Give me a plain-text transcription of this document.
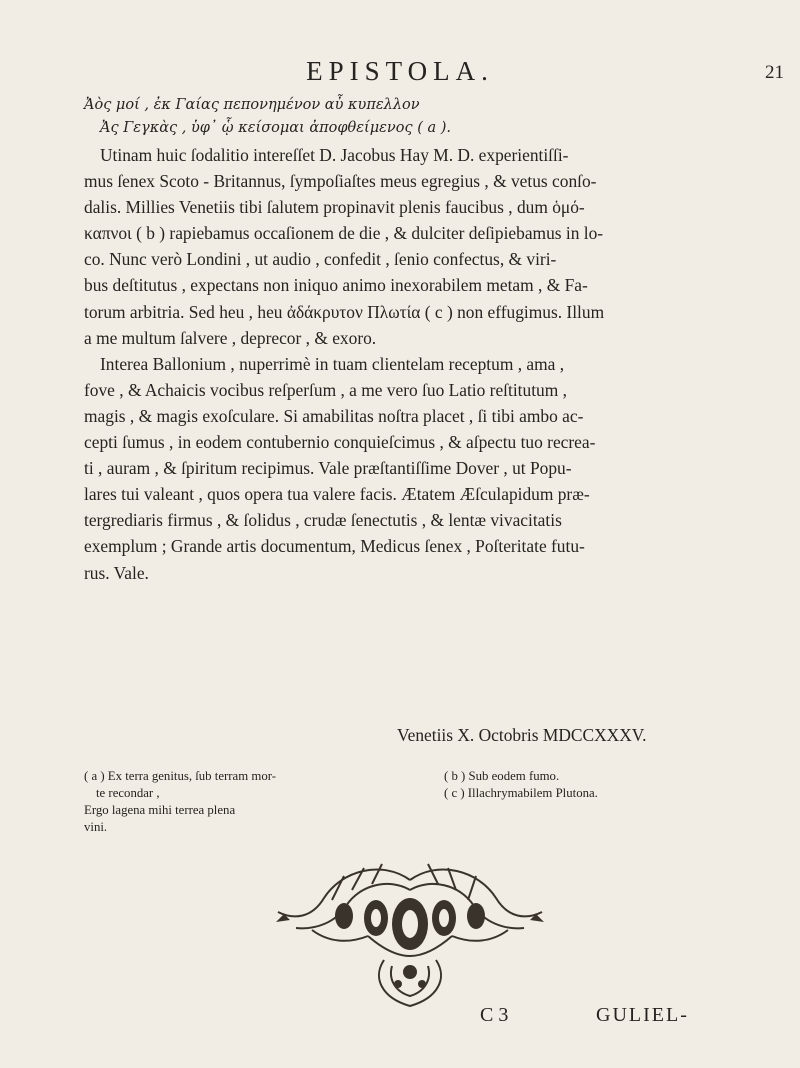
EPISTOLA.	21
Ἀὸς μοί , ἐκ Γαίας πεπονημένον αὖ κυπελλον
Ἀς Γεγκὰς , ὑφ᾽ ᾧ κείσομαι ἀποφθείμενος ( a ).
Utinam huic ſodalitio intereſſet D. Jacobus Hay M. D. experientiſſi-
mus ſenex Scoto - Britannus, ſympoſiaſtes meus egregius , & vetus conſo-
dalis. Millies Venetiis tibi ſalutem propinavit plenis faucibus , dum ὁμό-
καπνοι ( b ) rapiebamus occaſionem de die , & dulciter deſipiebamus in lo-
co. Nunc verò Londini , ut audio , confedit , ſenio confectus, & viri-
bus deſtitutus , expectans non iniquo animo inexorabilem metam , & Fa-
torum arbitria. Sed heu , heu ἀδάκρυτον Πλωτία ( c ) non effugimus. Illum
a me multum ſalvere , deprecor , & exoro.
Interea Ballonium , nuperrimè in tuam clientelam receptum , ama ,
fove , & Achaicis vocibus reſperſum , a me vero ſuo Latio reſtitutum ,
magis , & magis exoſculare. Si amabilitas noſtra placet , ſi tibi ambo ac-
cepti ſumus , in eodem contubernio conquieſcimus , & aſpectu tuo recrea-
ti , auram , & ſpiritum recipimus. Vale præſtantiſſime Dover , ut Popu-
lares tui valeant , quos opera tua valere facis. Ætatem Æſculapidum præ-
tergrediaris firmus , & ſolidus , crudæ ſenectutis , & lentæ vivacitatis
exemplum ; Grande artis documentum, Medicus ſenex , Poſteritate futu-
rus. Vale.
Venetiis X. Octobris MDCCXXXV.
( a ) Ex terra genitus, ſub terram mor-
te recondar ,
Ergo lagena mihi terrea plena
vini.
( b ) Sub eodem fumo.
( c ) Illachrymabilem Plutona.
C 3	GULIEL-
